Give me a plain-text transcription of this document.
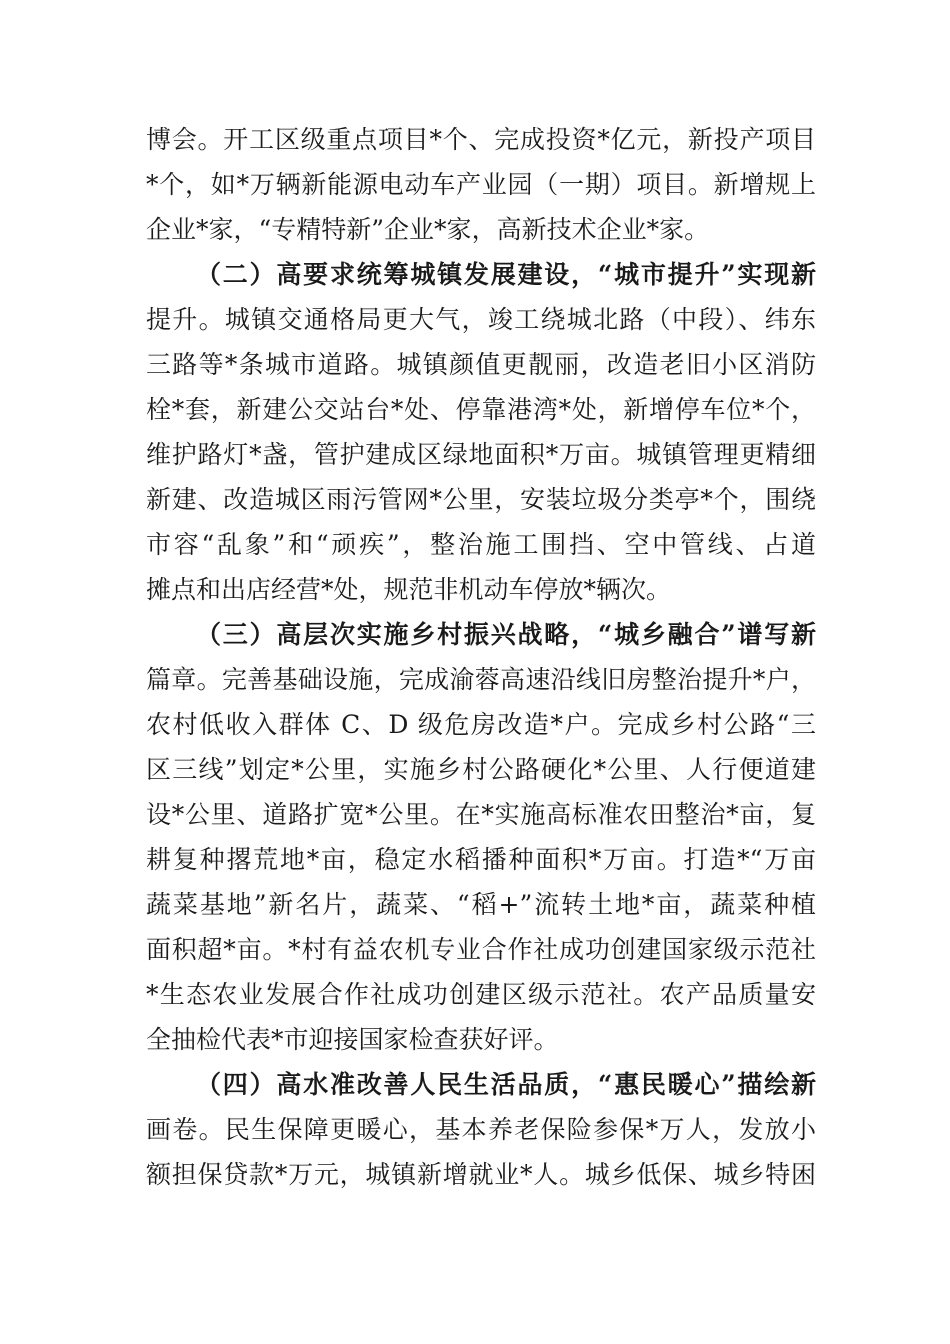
博会。开工区级重点项目*个、完成投资*亿元，新投产项目
*个，如*万辆新能源电动车产业园（一期）项目。新增规上
企业*家，“专精特新”企业*家，高新技术企业*家。
（二）高要求统筹城镇发展建设，“城市提升”实现新
提升。城镇交通格局更大气，竣工绕城北路（中段）、纬东
三路等*条城市道路。城镇颜值更靓丽，改造老旧小区消防
栓*套，新建公交站台*处、停靠港湾*处，新增停车位*个，
维护路灯*盏，管护建成区绿地面积*万亩。城镇管理更精细
新建、改造城区雨污管网*公里，安装垃圾分类亭*个，围绕
市容“乱象”和“顽疾”，整治施工围挡、空中管线、占道
摊点和出店经营*处，规范非机动车停放*辆次。
（三）高层次实施乡村振兴战略，“城乡融合”谱写新
篇章。完善基础设施，完成渝蓉高速沿线旧房整治提升*户，
农村低收入群体 C、D 级危房改造*户。完成乡村公路“三
区三线”划定*公里，实施乡村公路硬化*公里、人行便道建
设*公里、道路扩宽*公里。在*实施高标准农田整治*亩，复
耕复种撂荒地*亩，稳定水稻播种面积*万亩。打造*“万亩
蔬菜基地”新名片，蔬菜、“稻+”流转土地*亩，蔬菜种植
面积超*亩。*村有益农机专业合作社成功创建国家级示范社
*生态农业发展合作社成功创建区级示范社。农产品质量安
全抽检代表*市迎接国家检查获好评。
（四）高水准改善人民生活品质，“惠民暖心”描绘新
画卷。民生保障更暖心，基本养老保险参保*万人，发放小
额担保贷款*万元，城镇新增就业*人。城乡低保、城乡特困
